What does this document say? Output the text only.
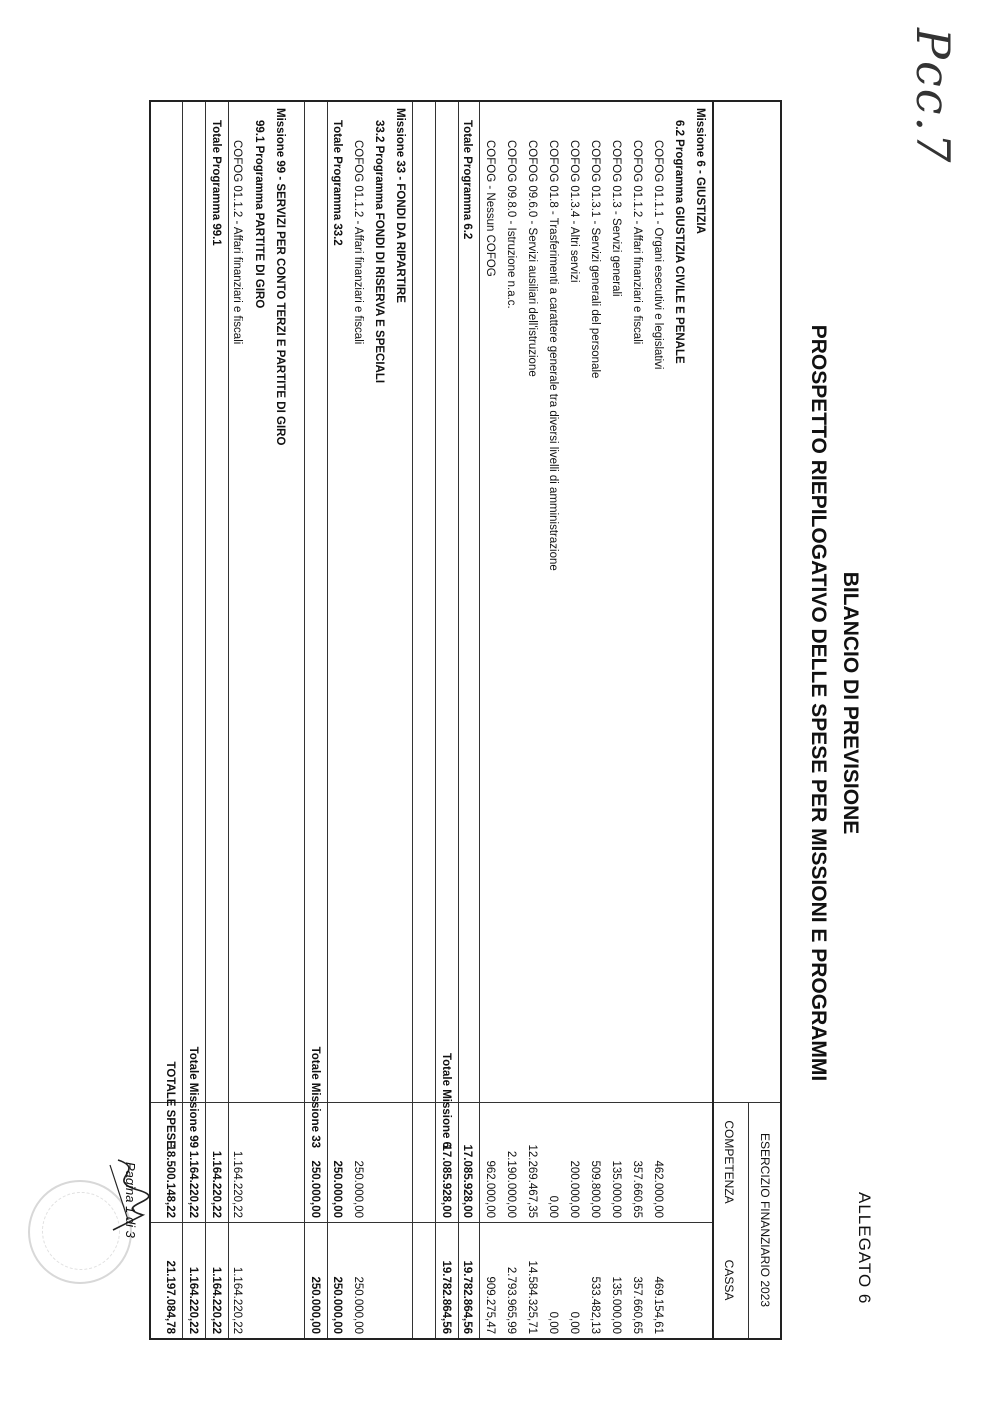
Pcc.7
ALLEGATO 6
BILANCIO DI PREVISIONE
PROSPETTO RIEPILOGATIVO DELLE SPESE PER MISSIONI E PROGRAMMI
ESERCIZIO FINANZIARIO 2023
COMPETENZA
CASSA
Missione 6 - GIUSTIZIA
6.2 Programma GIUSTIZIA CIVILE E PENALE
COFOG 01.1.1 - Organi esecutivi e legislativi
462.000,00
469.154,61
COFOG 01.1.2 - Affari finanziari e fiscali
357.660,65
357.660,65
COFOG 01.3 - Servizi generali
135.000,00
135.000,00
COFOG 01.3.1 - Servizi generali del personale
509.800,00
533.482,13
COFOG 01.3.4 - Altri servizi
200.000,00
0,00
COFOG 01.8 - Trasferimenti a carattere generale tra diversi livelli di amministrazione
0,00
0,00
COFOG 09.6.0 - Servizi ausiliari dell'istruzione
12.269.467,35
14.584.325,71
COFOG 09.8.0 - Istruzione n.a.c.
2.190.000,00
2.793.965,99
COFOG - Nessun COFOG
962.000,00
909.275,47
Totale Programma 6.2
17.085.928,00
19.782.864,56
Totale Missione 6
17.085.928,00
19.782.864,56
Missione 33 - FONDI DA RIPARTIRE
33.2 Programma FONDI DI RISERVA E SPECIALI
COFOG 01.1.2 - Affari finanziari e fiscali
250.000,00
250.000,00
Totale Programma 33.2
250.000,00
250.000,00
Totale Missione 33
250.000,00
250.000,00
Missione 99 - SERVIZI PER CONTO TERZI E PARTITE DI GIRO
99.1 Programma PARTITE DI GIRO
COFOG 01.1.2 - Affari finanziari e fiscali
1.164.220,22
1.164.220,22
Totale Programma 99.1
1.164.220,22
1.164.220,22
Totale Missione 99
1.164.220,22
1.164.220,22
TOTALE SPESE
18.500.148,22
21.197.084,78
Pagina 1 di 3
